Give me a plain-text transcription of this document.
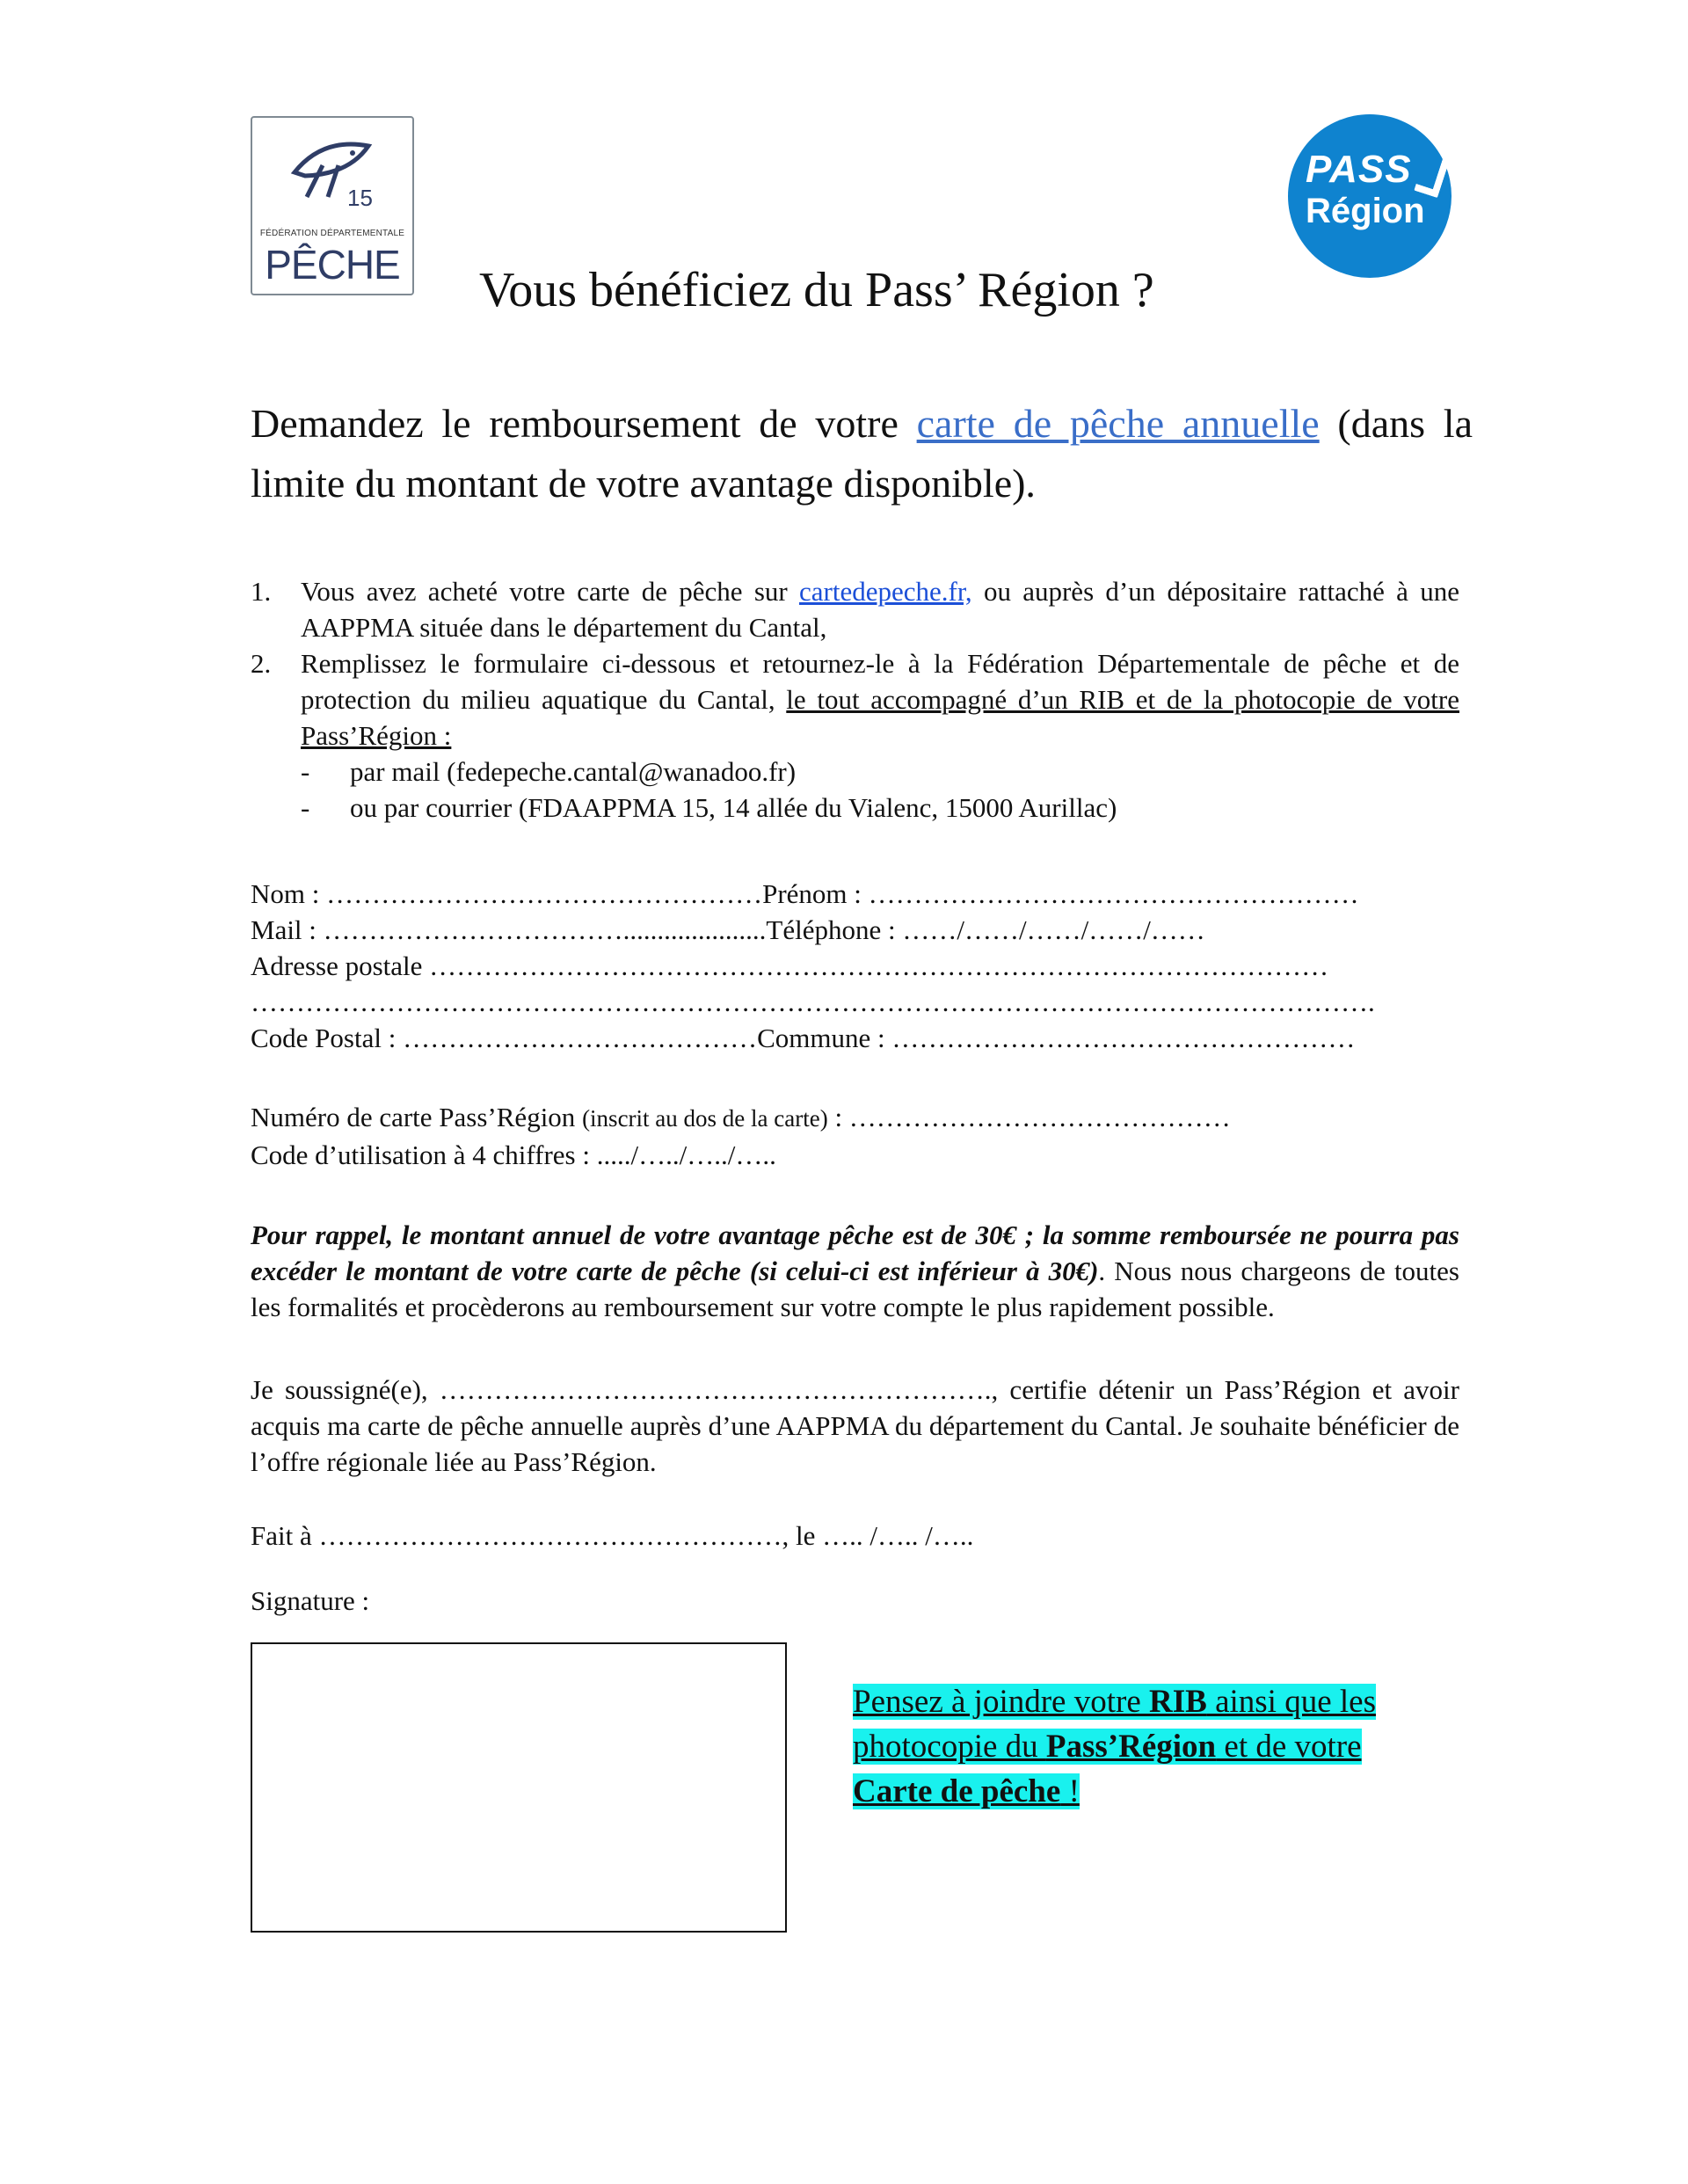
15
FÉDÉRATION DÉPARTEMENTALE
PÊCHE
PASS
Région
Vous bénéficiez du Pass’ Région ?
Demandez le remboursement de votre carte de pêche annuelle (dans la limite du montant de votre avantage disponible).
1. Vous avez acheté votre carte de pêche sur cartedepeche.fr, ou auprès d’un dépositaire rattaché à une AAPPMA située dans le département du Cantal,
2. Remplissez le formulaire ci-dessous et retournez-le à la Fédération Départementale de pêche et de protection du milieu aquatique du Cantal, le tout accompagné d’un RIB et de la photocopie de votre Pass’Région :
- par mail (fedepeche.cantal@wanadoo.fr)
- ou par courrier (FDAAPPMA 15, 14 allée du Vialenc, 15000 Aurillac)
Nom : …………………………………………Prénom : ………………………………………………
Mail : …………………………….....................Téléphone : ……/……/……/……/……
Adresse postale ………………………………………………………………………………………
…………………………………………………………………………………………………………….
Code Postal : …………………………………Commune : ……………………………………………
Numéro de carte Pass’Région (inscrit au dos de la carte) : ……………………………………
Code d’utilisation à 4 chiffres : ...../…../…../…..
Pour rappel, le montant annuel de votre avantage pêche est de 30€ ; la somme remboursée ne pourra pas excéder le montant de votre carte de pêche (si celui-ci est inférieur à 30€). Nous nous chargeons de toutes les formalités et procèderons au remboursement sur votre compte le plus rapidement possible.
Je soussigné(e), ……………………………………………………., certifie détenir un Pass’Région et avoir acquis ma carte de pêche annuelle auprès d’une AAPPMA du département du Cantal. Je souhaite bénéficier de l’offre régionale liée au Pass’Région.
Fait à ……………………………………………, le ….. /….. /…..
Signature :
Pensez à joindre votre RIB ainsi que les photocopie du Pass’Région et de votre Carte de pêche !
